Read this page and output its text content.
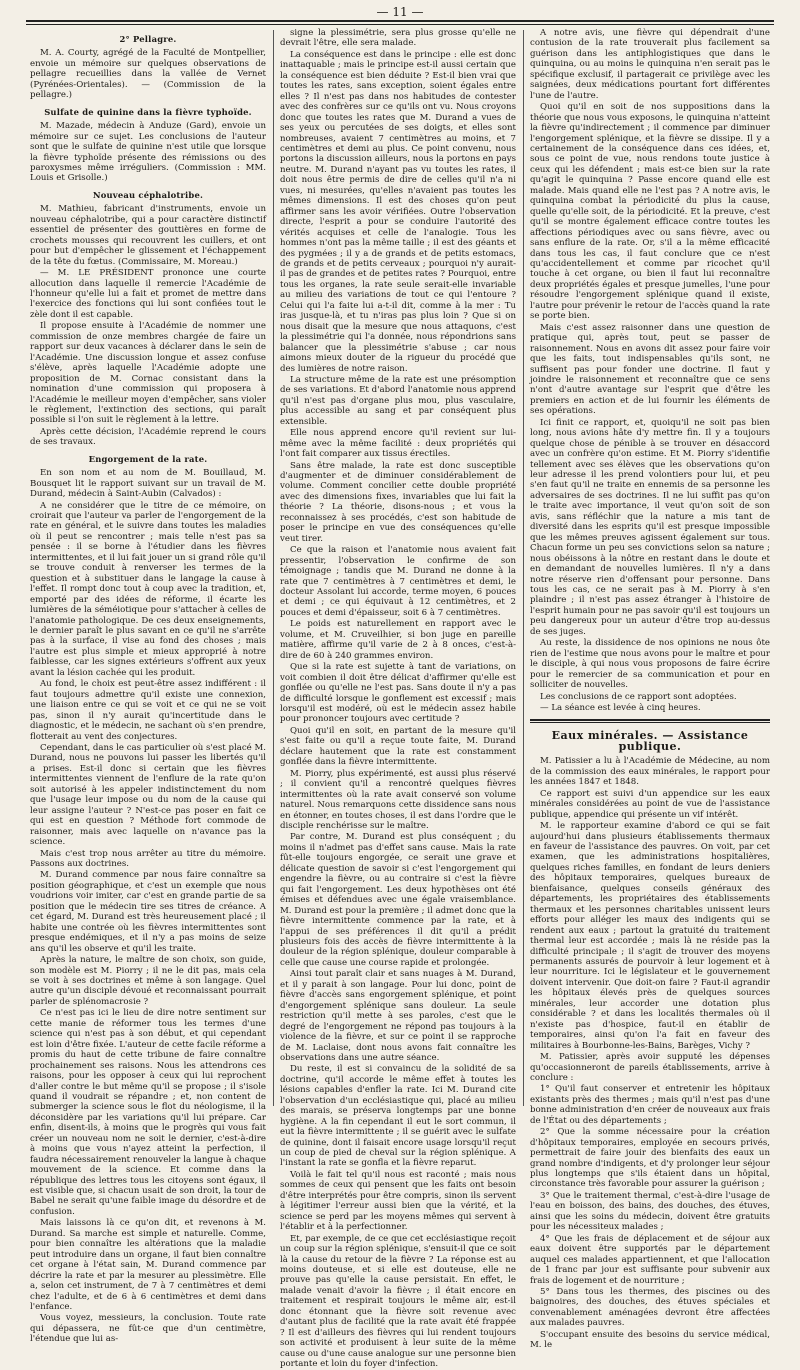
— 11 —
2° Pellagre.

M. A. Courty, agrégé de la Faculté de Montpellier, envoie un mémoire sur quelques observations de pellagre recueillies dans la vallée de Vernet (Pyrénées-Orientales). — (Commission de la pellagre.)

Sulfate de quinine dans la fièvre typhoïde.

M. Mazade, médecin à Anduze (Gard), envoie un mémoire sur ce sujet. Les conclusions de l'auteur sont que le sulfate de quinine n'est utile que lorsque la fièvre typhoïde présente des rémissions ou des paroxysmes même irréguliers. (Commission : MM. Louis et Grisolle.)

Nouveau céphalotribe.

M. Mathieu, fabricant d'instruments, envoie un nouveau céphalotribe, qui a pour caractère distinctif essentiel de présenter des gouttières en forme de crochets mousses qui recouvrent les cuillers, et ont pour but d'empêcher le glissement et l'échappement de la tête du fœtus. (Commissaire, M. Moreau.)

— M. LE PRÉSIDENT prononce une courte allocution dans laquelle il remercie l'Académie de l'honneur qu'elle lui a fait et promet de mettre dans l'exercice des fonctions qui lui sont confiées tout le zèle dont il est capable.

Il propose ensuite à l'Académie de nommer une commission de onze membres chargée de faire un rapport sur deux vacances à déclarer dans le sein de l'Académie. Une discussion longue et assez confuse s'élève, après laquelle l'Académie adopte une proposition de M. Cornac consistant dans la nomination d'une commission qui proposera à l'Académie le meilleur moyen d'empêcher, sans violer le règlement, l'extinction des sections, qui paraît possible si l'on suit le règlement à la lettre.

Après cette décision, l'Académie reprend le cours de ses travaux.

Engorgement de la rate.

En son nom et au nom de M. Bouillaud, M. Bousquet lit le rapport suivant sur un travail de M. Durand, médecin à Saint-Aubin (Calvados) :

A ne considérer que le titre de ce mémoire, on croirait que l'auteur va parler de l'engorgement de la rate en général, et le suivre dans toutes les maladies où il peut se rencontrer ; mais telle n'est pas sa pensée : il se borne à l'étudier dans les fièvres intermittentes, et il lui fait jouer un si grand rôle qu'il se trouve conduit à renverser les termes de la question et à substituer dans le langage la cause à l'effet. Il rompt donc tout à coup avec la tradition, et, emporté par des idées de réforme, il écarte les lumières de la séméiotique pour s'attacher à celles de l'anatomie pathologique. De ces deux enseignements, le dernier paraît le plus savant en ce qu'il ne s'arrête pas à la surface, il vise au fond des choses ; mais l'autre est plus simple et mieux approprié à notre faiblesse, car les signes extérieurs s'offrent aux yeux avant la lésion cachée qui les produit.

Au fond, le choix est peut-être assez indifférent : il faut toujours admettre qu'il existe une connexion, une liaison entre ce qui se voit et ce qui ne se voit pas, sinon il n'y aurait qu'incertitude dans le diagnostic, et le médecin, ne sachant où s'en prendre, flotterait au vent des conjectures.

Cependant, dans le cas particulier où s'est placé M. Durand, nous ne pouvons lui passer les libertés qu'il a prises. Est-il donc si certain que les fièvres intermittentes viennent de l'enflure de la rate qu'on soit autorisé à les appeler indistinctement du nom que l'usage leur impose ou du nom de la cause qui leur assigne l'auteur ? N'est-ce pas poser en fait ce qui est en question ? Méthode fort commode de raisonner, mais avec laquelle on n'avance pas la science.

Mais c'est trop nous arrêter au titre du mémoire. Passons aux doctrines.

M. Durand commence par nous faire connaître sa position géographique, et c'est un exemple que nous voudrions voir imiter, car c'est en grande partie de sa position que le médecin tire ses titres de créance. A cet égard, M. Durand est très heureusement placé ; il habite une contrée où les fièvres intermittentes sont presque endémiques, et il n'y a pas moins de seize ans qu'il les observe et qu'il les traite.

Après la nature, le maître de son choix, son guide, son modèle est M. Piorry ; il ne le dit pas, mais cela se voit à ses doctrines et même à son langage. Quel autre qu'un disciple dévoué et reconnaissant pourrait parler de splénomacrosie ?

Ce n'est pas ici le lieu de dire notre sentiment sur cette manie de réformer tous les termes d'une science qui n'est pas à son début, et qui cependant est loin d'être fixée. L'auteur de cette facile réforme a promis du haut de cette tribune de faire connaître prochainement ses raisons. Nous les attendrons ces raisons, pour les opposer à ceux qui lui reprochent d'aller contre le but même qu'il se propose ; il s'isole quand il voudrait se répandre ; et, non content de submerger la science sous le flot du néologisme, il la déconsidère par les variations qu'il lui prépare. Car enfin, disent-ils, à moins que le progrès qui vous fait créer un nouveau nom ne soit le dernier, c'est-à-dire à moins que vous n'ayez atteint la perfection, il faudra nécessairement renouveler la langue à chaque mouvement de la science. Et comme dans la république des lettres tous les citoyens sont égaux, il est visible que, si chacun usait de son droit, la tour de Babel ne serait qu'une faible image du désordre et de confusion.

Mais laissons là ce qu'on dit, et revenons à M. Durand. Sa marche est simple et naturelle. Comme, pour bien connaître les altérations que la maladie peut introduire dans un organe, il faut bien connaître cet organe à l'état sain, M. Durand commence par décrire la rate et par la mesurer au plessimètre. Elle a, selon cet instrument, de 7 à 7 centimètres et demi chez l'adulte, et de 6 à 6 centimètres et demi dans l'enfance.

Vous voyez, messieurs, la conclusion. Toute rate qui dépassera, ne fût-ce que d'un centimètre, l'étendue que lui as-

signe la plessimétrie, sera plus grosse qu'elle ne devrait l'être, elle sera malade.

La conséquence est dans le principe : elle est donc inattaquable ; mais le principe est-il aussi certain que la conséquence est bien déduite ? Est-il bien vrai que toutes les rates, sans exception, soient égales entre elles ? Il n'est pas dans nos habitudes de contester avec des confrères sur ce qu'ils ont vu. Nous croyons donc que toutes les rates que M. Durand a vues de ses yeux ou percutées de ses doigts, et elles sont nombreuses, avaient 7 centimètres au moins, et 7 centimètres et demi au plus. Ce point convenu, nous portons la discussion ailleurs, nous la portons en pays neutre. M. Durand n'ayant pas vu toutes les rates, il doit nous être permis de dire de celles qu'il n'a ni vues, ni mesurées, qu'elles n'avaient pas toutes les mêmes dimensions. Il est des choses qu'on peut affirmer sans les avoir vérifiées. Outre l'observation directe, l'esprit a pour se conduire l'autorité des vérités acquises et celle de l'analogie. Tous les hommes n'ont pas la même taille ; il est des géants et des pygmées ; il y a de grands et de petits estomacs, de grands et de petits cerveaux ; pourquoi n'y aurait-il pas de grandes et de petites rates ? Pourquoi, entre tous les organes, la rate seule serait-elle invariable au milieu des variations de tout ce qui l'entoure ? Celui qui l'a faite lui a-t-il dit, comme à la mer : Tu iras jusque-là, et tu n'iras pas plus loin ? Que si on nous disait que la mesure que nous attaquons, c'est la plessimétrie qui l'a donnée, nous répondrions sans balancer que la plessimétrie s'abuse ; car nous aimons mieux douter de la rigueur du procédé que des lumières de notre raison.

La structure même de la rate est une présomption de ses variations. Et d'abord l'anatomie nous apprend qu'il n'est pas d'organe plus mou, plus vasculaire, plus accessible au sang et par conséquent plus extensible.

Elle nous apprend encore qu'il revient sur lui-même avec la même facilité : deux propriétés qui l'ont fait comparer aux tissus érectiles.

Sans être malade, la rate est donc susceptible d'augmenter et de diminuer considérablement de volume. Comment concilier cette double propriété avec des dimensions fixes, invariables que lui fait la théorie ? La théorie, disons-nous ; et vous la reconnaissez à ses procédés, c'est son habitude de poser le principe en vue des conséquences qu'elle veut tirer.

Ce que la raison et l'anatomie nous avaient fait pressentir, l'observation le confirme de son témoignage ; tandis que M. Durand ne donne à la rate que 7 centimètres à 7 centimètres et demi, le docteur Assolant lui accorde, terme moyen, 6 pouces et demi ; ce qui équivaut à 12 centimètres, et 2 pouces et demi d'épaisseur, soit 6 à 7 centimètres.

Le poids est naturellement en rapport avec le volume, et M. Cruveilhier, si bon juge en pareille matière, affirme qu'il varie de 2 à 8 onces, c'est-à-dire de 60 à 240 grammes environ.

Que si la rate est sujette à tant de variations, on voit combien il doit être délicat d'affirmer qu'elle est gonflée ou qu'elle ne l'est pas. Sans doute il n'y a pas de difficulté lorsque le gonflement est excessif ; mais lorsqu'il est modéré, où est le médecin assez habile pour prononcer toujours avec certitude ?

Quoi qu'il en soit, en partant de la mesure qu'il s'est faite ou qu'il a reçue toute faite, M. Durand déclare hautement que la rate est constamment gonflée dans la fièvre intermittente.

M. Piorry, plus expérimenté, est aussi plus réservé ; il convient qu'il a rencontré quelques fièvres intermittentes où la rate avait conservé son volume naturel. Nous remarquons cette dissidence sans nous en étonner, en toutes choses, il est dans l'ordre que le disciple renchérisse sur le maître.

Par contre, M. Durand est plus conséquent ; du moins il n'admet pas d'effet sans cause. Mais la rate fût-elle toujours engorgée, ce serait une grave et délicate question de savoir si c'est l'engorgement qui engendre la fièvre, ou au contraire si c'est la fièvre qui fait l'engorgement. Les deux hypothèses ont été émises et défendues avec une égale vraisemblance. M. Durand est pour la première ; il admet donc que la fièvre intermittente commence par la rate, et à l'appui de ses préférences il dit qu'il a prédit plusieurs fois des accès de fièvre intermittente à la douleur de la région splénique, douleur comparable à celle que cause une course rapide et prolongée.

Ainsi tout paraît clair et sans nuages à M. Durand, et il y parait à son langage. Pour lui donc, point de fièvre d'accès sans engorgement splénique, et point d'engorgement splénique sans douleur. La seule restriction qu'il mette à ses paroles, c'est que le degré de l'engorgement ne répond pas toujours à la violence de la fièvre, et sur ce point il se rapproche de M. Laclaise, dont nous avons fait connaître les observations dans une autre séance.

Du reste, il est si convaincu de la solidité de sa doctrine, qu'il accorde le même effet à toutes les lésions capables d'enfler la rate. Ici M. Durand cite l'observation d'un ecclésiastique qui, placé au milieu des marais, se préserva longtemps par une bonne hygiène. A la fin cependant il eut le sort commun, il eut la fièvre intermittente ; il se guérit avec le sulfate de quinine, dont il faisait encore usage lorsqu'il reçut un coup de pied de cheval sur la région splénique. A l'instant la rate se gonfla et la fièvre reparut.

Voilà le fait tel qu'il nous est raconté ; mais nous sommes de ceux qui pensent que les faits ont besoin d'être interprétés pour être compris, sinon ils servent à légitimer l'erreur aussi bien que la vérité, et la science se perd par les moyens mêmes qui servent à l'établir et à la perfectionner.

Et, par exemple, de ce que cet ecclésiastique reçoit un coup sur la région splénique, s'ensuit-il que ce soit là la cause du retour de la fièvre ? La réponse est au moins douteuse, et si elle est douteuse, elle ne prouve pas qu'elle la cause persistait. En effet, le malade venait d'avoir la fièvre ; il était encore en traitement et respirait toujours le même air, est-il donc étonnant que la fièvre soit revenue avec d'autant plus de facilité que la rate avait été frappée ? Il est d'ailleurs des fièvres qui lui rendent toujours son activité et produisent à leur suite de la même cause ou d'une cause analogue sur une personne bien portante et loin du foyer d'infection.

A notre avis, une fièvre qui dépendrait d'une contusion de la rate trouverait plus facilement sa guérison dans les antiphlogistiques que dans le quinquina, ou au moins le quinquina n'en serait pas le spécifique exclusif, il partagerait ce privilège avec les saignées, deux médications pourtant fort différentes l'une de l'autre.

Quoi qu'il en soit de nos suppositions dans la théorie que nous vous exposons, le quinquina n'atteint la fièvre qu'indirectement ; il commence par diminuer l'engorgement splénique, et la fièvre se dissipe. Il y a certainement de la conséquence dans ces idées, et, sous ce point de vue, nous rendons toute justice à ceux qui les défendent ; mais est-ce bien sur la rate qu'agit le quinquina ? Passe encore quand elle est malade. Mais quand elle ne l'est pas ? A notre avis, le quinquina combat la périodicité du plus la cause, quelle qu'elle soit, de la périodicité. Et la preuve, c'est qu'il se montre également efficace contre toutes les affections périodiques avec ou sans fièvre, avec ou sans enflure de la rate. Or, s'il a la même efficacité dans tous les cas, il faut conclure que ce n'est qu'accidentellement et comme par ricochet qu'il touche à cet organe, ou bien il faut lui reconnaître deux propriétés égales et presque jumelles, l'une pour résoudre l'engorgement splénique quand il existe, l'autre pour prévenir le retour de l'accès quand la rate se porte bien.

Mais c'est assez raisonner dans une question de pratique qui, après tout, peut se passer de raisonnement. Nous en avons dit assez pour faire voir que les faits, tout indispensables qu'ils sont, ne suffisent pas pour fonder une doctrine. Il faut y joindre le raisonnement et reconnaître que ce sens n'ont d'autre avantage sur l'esprit que d'être les premiers en action et de lui fournir les éléments de ses opérations.

Ici finit ce rapport, et, quoiqu'il ne soit pas bien long, nous avions hâte d'y mettre fin. Il y a toujours quelque chose de pénible à se trouver en désaccord avec un confrère qu'on estime. Et M. Piorry s'identifie tellement avec ses élèves que les observations qu'on leur adresse il les prend volontiers pour lui, et peu s'en faut qu'il ne traite en ennemis de sa personne les adversaires de ses doctrines. Il ne lui suffit pas qu'on le traite avec importance, il veut qu'on soit de son avis, sans réfléchir que la nature a mis tant de diversité dans les esprits qu'il est presque impossible que les mêmes preuves agissent également sur tous. Chacun forme un peu ses convictions selon sa nature ; nous obéissons à la nôtre en restant dans le doute et en demandant de nouvelles lumières. Il n'y a dans notre réserve rien d'offensant pour personne. Dans tous les cas, ce ne serait pas à M. Piorry à s'en plaindre ; il n'est pas assez étranger à l'histoire de l'esprit humain pour ne pas savoir qu'il est toujours un peu dangereux pour un auteur d'être trop au-dessus de ses juges.

Au reste, la dissidence de nos opinions ne nous ôte rien de l'estime que nous avons pour le maître et pour le disciple, à qui nous vous proposons de faire écrire pour le remercier de sa communication et pour en solliciter de nouvelles.

Les conclusions de ce rapport sont adoptées.

— La séance est levée à cinq heures.

Eaux minérales. — Assistance publique.

M. Patissier a lu à l'Académie de Médecine, au nom de la commission des eaux minérales, le rapport pour les années 1847 et 1848.

Ce rapport est suivi d'un appendice sur les eaux minérales considérées au point de vue de l'assistance publique, appendice qui présente un vif intérêt.

M. le rapporteur examine d'abord ce qui se fait aujourd'hui dans plusieurs établissements thermaux en faveur de l'assistance des pauvres. On voit, par cet examen, que les administrations hospitalières, quelques riches familles, en fondant de leurs deniers des hôpitaux temporaires, quelques bureaux de bienfaisance, quelques conseils généraux des départements, les propriétaires des établissements thermaux et les personnes charitables unissent leurs efforts pour alléger les maux des indigents qui se rendent aux eaux ; partout la gratuité du traitement thermal leur est accordée ; mais là ne réside pas la difficulté principale ; il s'agit de trouver des moyens permanents assurés de pourvoir à leur logement et à leur nourriture. Ici le législateur et le gouvernement doivent intervenir. Que doit-on faire ? Faut-il agrandir les hôpitaux élevés près de quelques sources minérales, leur accorder une dotation plus considérable ? et dans les localités thermales où il n'existe pas d'hospice, faut-il en établir de temporaires, ainsi qu'on l'a fait en faveur des militaires à Bourbonne-les-Bains, Barèges, Vichy ?

M. Patissier, après avoir supputé les dépenses qu'occasionneront de pareils établissements, arrive à conclure :

1° Qu'il faut conserver et entretenir les hôpitaux existants près des thermes ; mais qu'il n'est pas d'une bonne administration d'en créer de nouveaux aux frais de l'État ou des départements ;

2° Que la somme nécessaire pour la création d'hôpitaux temporaires, employée en secours privés, permettrait de faire jouir des bienfaits des eaux un grand nombre d'indigents, et d'y prolonger leur séjour plus longtemps que s'ils étaient dans un hôpital, circonstance très favorable pour assurer la guérison ;

3° Que le traitement thermal, c'est-à-dire l'usage de l'eau en boisson, des bains, des douches, des étuves, ainsi que les soins du médecin, doivent être gratuits pour les nécessiteux malades ;

4° Que les frais de déplacement et de séjour aux eaux doivent être supportés par le département auquel ces malades appartiennent, et que l'allocation de 1 franc par jour est suffisante pour subvenir aux frais de logement et de nourriture ;

5° Dans tous les thermes, des piscines ou des baignoires, des douches, des étuves spéciales et convenablement aménagées devront être affectées aux malades pauvres.

S'occupant ensuite des besoins du service médical, M. le
